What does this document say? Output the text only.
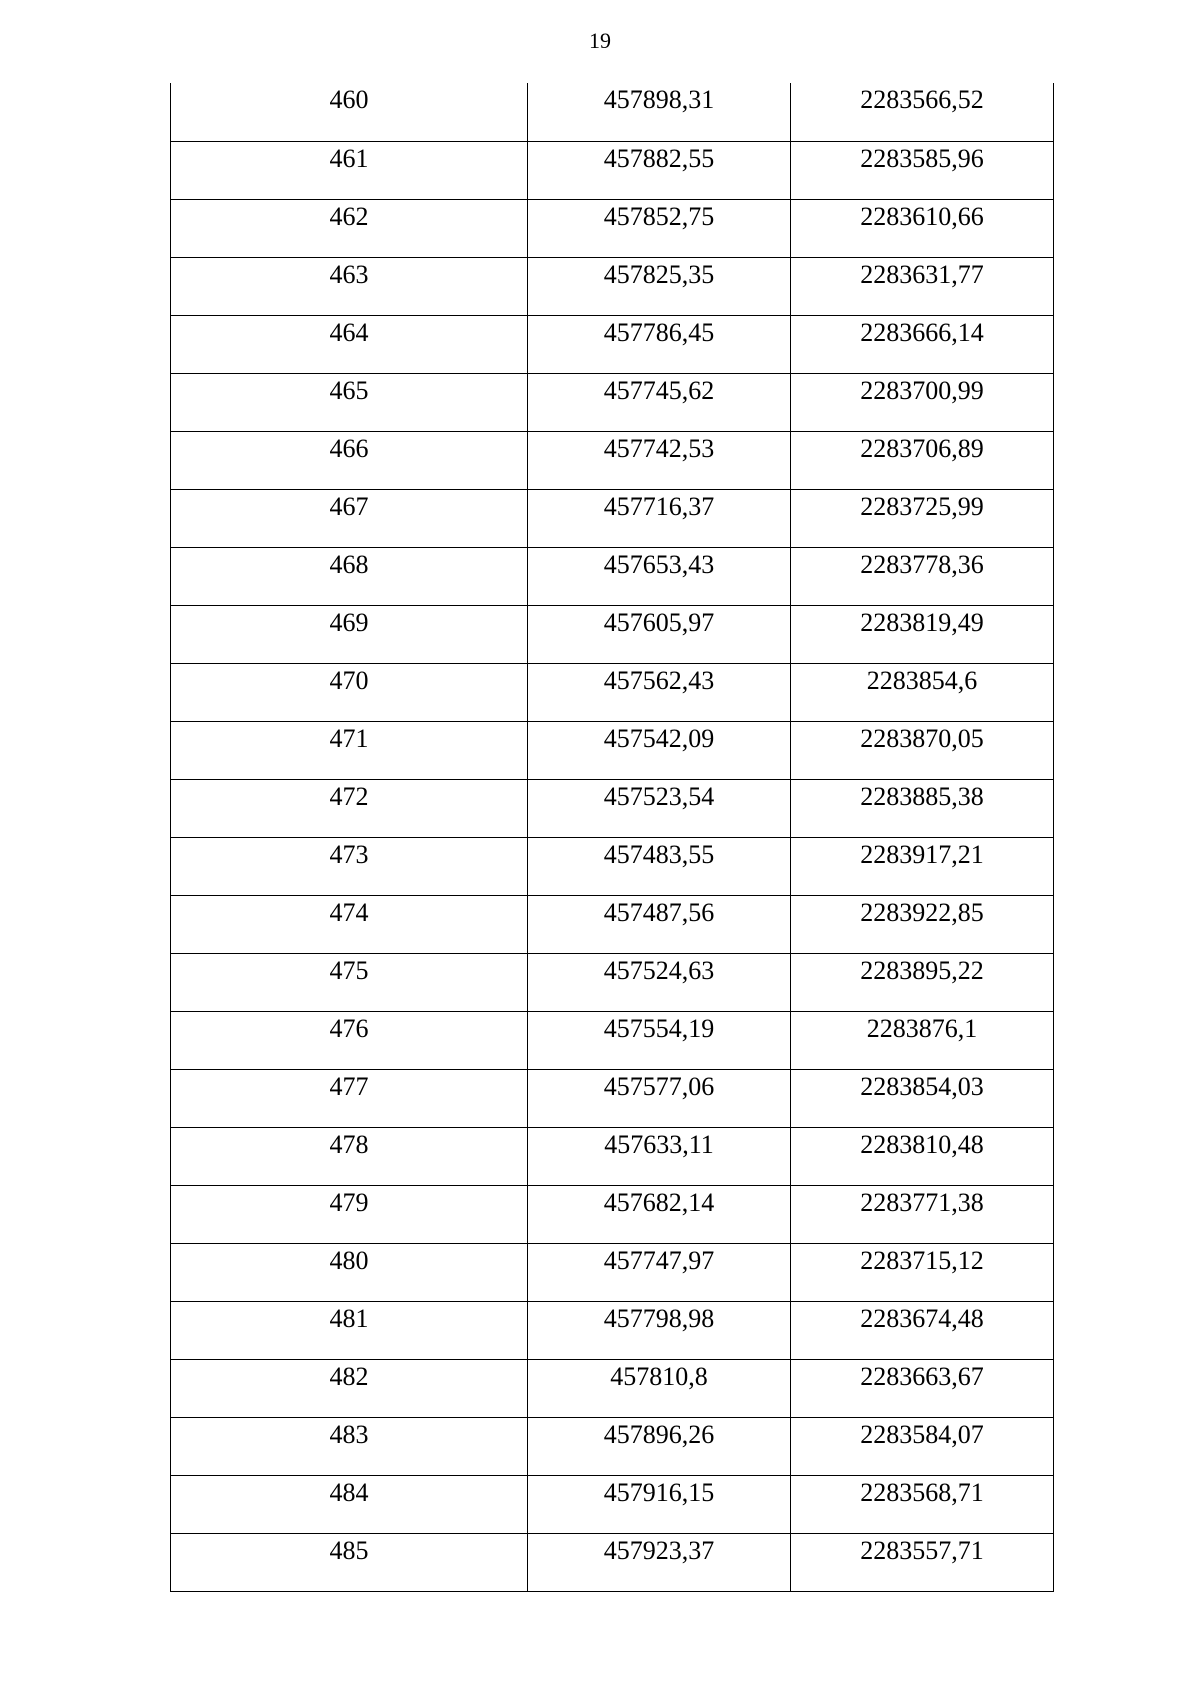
19
460	457898,31	2283566,52
461	457882,55	2283585,96
462	457852,75	2283610,66
463	457825,35	2283631,77
464	457786,45	2283666,14
465	457745,62	2283700,99
466	457742,53	2283706,89
467	457716,37	2283725,99
468	457653,43	2283778,36
469	457605,97	2283819,49
470	457562,43	2283854,6
471	457542,09	2283870,05
472	457523,54	2283885,38
473	457483,55	2283917,21
474	457487,56	2283922,85
475	457524,63	2283895,22
476	457554,19	2283876,1
477	457577,06	2283854,03
478	457633,11	2283810,48
479	457682,14	2283771,38
480	457747,97	2283715,12
481	457798,98	2283674,48
482	457810,8	2283663,67
483	457896,26	2283584,07
484	457916,15	2283568,71
485	457923,37	2283557,71
